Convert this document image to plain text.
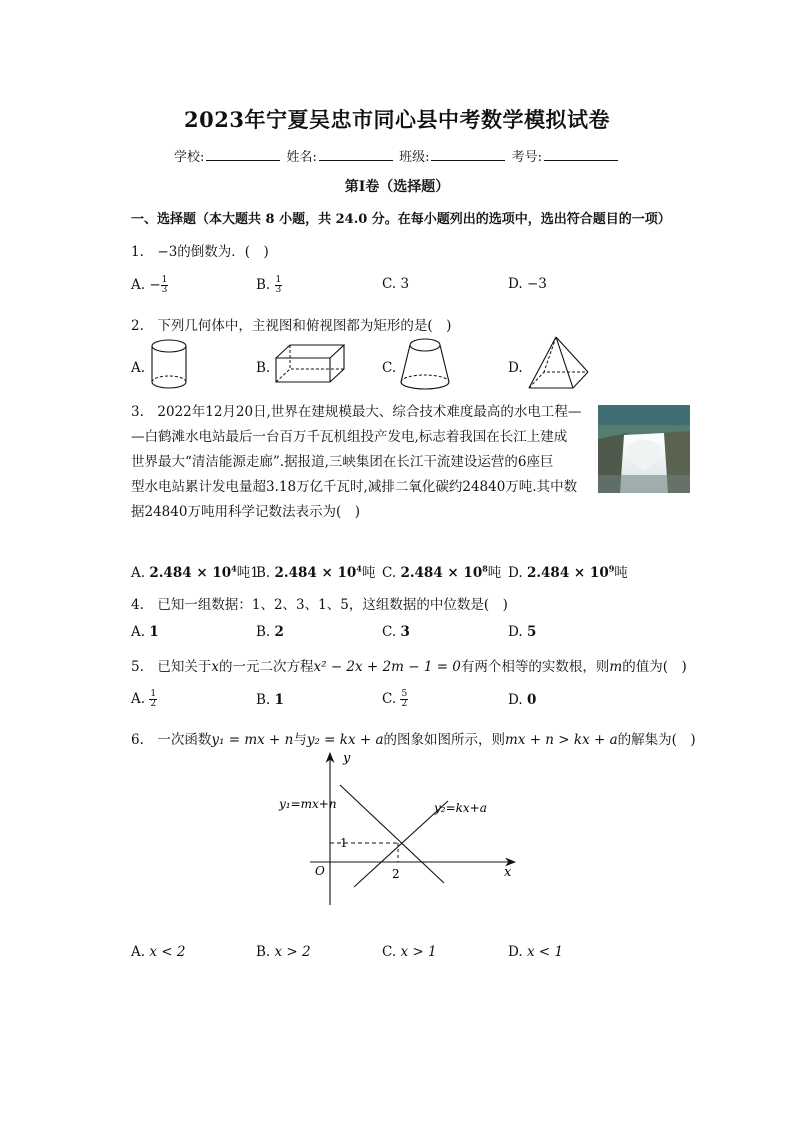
2023年宁夏吴忠市同心县中考数学模拟试卷
学校:	姓名:	班级:	考号:
第Ⅰ卷（选择题）
一、选择题（本大题共 8 小题，共 24.0 分。在每小题列出的选项中，选出符合题目的一项）
1.　−3的倒数为．(　)
A. − $\frac{1}{3}$	B. $\frac{1}{3}$	C. 3	D. −3
2.　下列几何体中，主视图和俯视图都为矩形的是(　)
A.	B.	C.	D.
3.　2022年12月20日,世界在建规模最大、综合技术难度最高的水电工程—
—白鹤滩水电站最后一台百万千瓦机组投产发电,标志着我国在长江上建成
世界最大“清洁能源走廊”.据报道,三峡集团在长江干流建设运营的6座巨
型水电站累计发电量超3.18万亿千瓦时,减排二氧化碳约24840万吨.其中数
据24840万吨用科学记数法表示为(　)
A. $2.484 \times 10^4$吨1
B. $2.484 \times 10^4$吨 C. $2.484 \times 10^8$吨 D. $2.484 \times 10^9$吨
4.　已知一组数据：1、2、3、1、5，这组数据的中位数是(　)
A. 1	B. 2	C. 3	D. 5
5.　已知关于x的一元二次方程x² − 2x + 2m − 1 = 0有两个相等的实数根，则m的值为(　)
A. $\frac{1}{2}$	B. 1	C. $\frac{5}{2}$	D. 0
6.　一次函数y₁ = mx + n与y₂ = kx + a的图象如图所示，则mx + n > kx + a的解集为(　)
y
x
O
1
2
y₁=mx+n	y₂=kx+a
A. x < 2	B. x > 2	C. x > 1	D. x < 1
